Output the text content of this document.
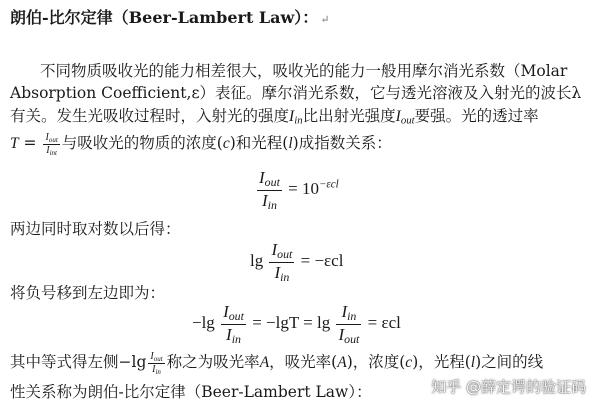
朗伯-比尔定律（Beer-Lambert Law）： ↵
不同物质吸收光的能力相差很大，吸收光的能力一般用摩尔消光系数（Molar
Absorption Coefficient,ε）表征。摩尔消光系数，它与透光溶液及入射光的波长λ
有关。发生光吸收过程时，入射光的强度$I_{in}$比出射光强度$I_{out}$要强。光的透过率
$T = \frac{I_{out}}{I_{int}}$ 与吸收光的物质的浓度(c)和光程(l)成指数关系：
$\frac{I_{out}}{I_{in}} = 10^{-\varepsilon cl}$
两边同时取对数以后得：
$\lg \frac{I_{out}}{I_{in}} = -\varepsilon cl$
将负号移到左边即为：
$-\lg \frac{I_{out}}{I_{in}} = -\lg T = \lg \frac{I_{in}}{I_{out}} = \varepsilon cl$
其中等式得左侧$-\lg \frac{I_{out}}{I_{in}}$ 称之为吸光率A，吸光率(A)，浓度(c)，光程(l)之间的线
性关系称为朗伯-比尔定律（Beer-Lambert Law）：	知乎 @薛定谔的验证码
